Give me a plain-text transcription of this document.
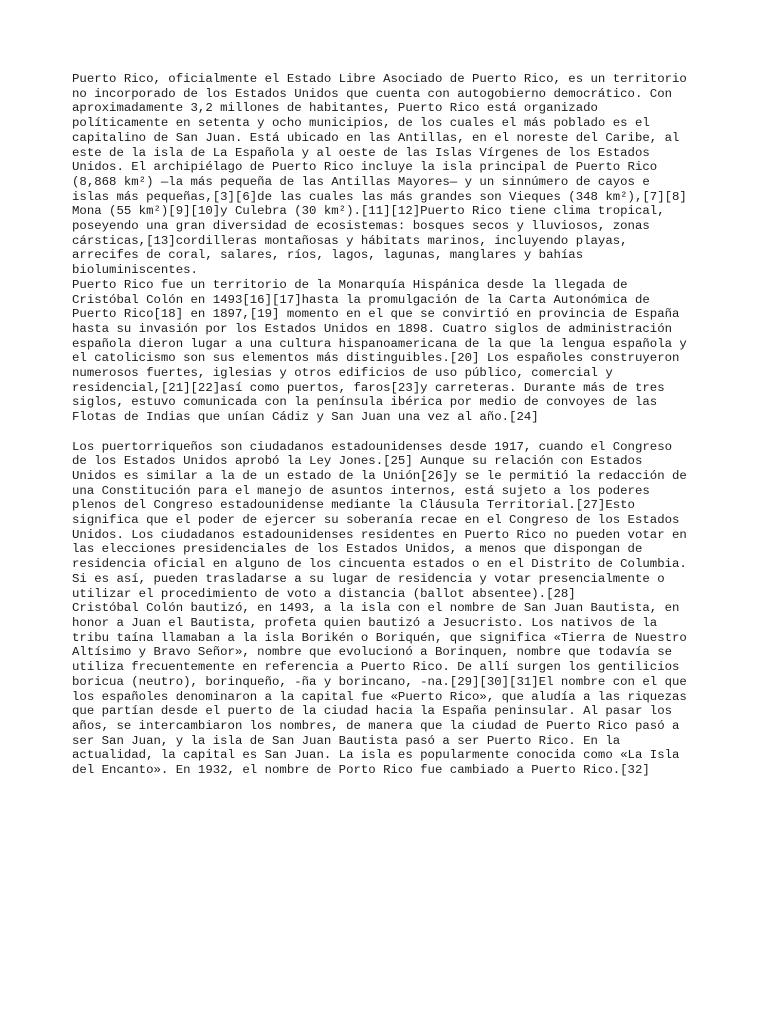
Puerto Rico, oficialmente el Estado Libre Asociado de Puerto Rico, es un territorio
no incorporado de los Estados Unidos que cuenta con autogobierno democrático. Con
aproximadamente 3,2 millones de habitantes, Puerto Rico está organizado
políticamente en setenta y ocho municipios, de los cuales el más poblado es el
capitalino de San Juan. Está ubicado en las Antillas, en el noreste del Caribe, al
este de la isla de La Española y al oeste de las Islas Vírgenes de los Estados
Unidos. El archipiélago de Puerto Rico incluye la isla principal de Puerto Rico
(8,868 km²) —la más pequeña de las Antillas Mayores— y un sinnúmero de cayos e
islas más pequeñas,[3][6]de las cuales las más grandes son Vieques (348 km²),[7][8]
Mona (55 km²)[9][10]y Culebra (30 km²).[11][12]Puerto Rico tiene clima tropical,
poseyendo una gran diversidad de ecosistemas: bosques secos y lluviosos, zonas
cársticas,[13]cordilleras montañosas y hábitats marinos, incluyendo playas,
arrecifes de coral, salares, ríos, lagos, lagunas, manglares y bahías
bioluminiscentes.
Puerto Rico fue un territorio de la Monarquía Hispánica desde la llegada de
Cristóbal Colón en 1493[16][17]hasta la promulgación de la Carta Autonómica de
Puerto Rico[18] en 1897,[19] momento en el que se convirtió en provincia de España
hasta su invasión por los Estados Unidos en 1898. Cuatro siglos de administración
española dieron lugar a una cultura hispanoamericana de la que la lengua española y
el catolicismo son sus elementos más distinguibles.[20] Los españoles construyeron
numerosos fuertes, iglesias y otros edificios de uso público, comercial y
residencial,[21][22]así como puertos, faros[23]y carreteras. Durante más de tres
siglos, estuvo comunicada con la península ibérica por medio de convoyes de las
Flotas de Indias que unían Cádiz y San Juan una vez al año.[24]
Los puertorriqueños son ciudadanos estadounidenses desde 1917, cuando el Congreso
de los Estados Unidos aprobó la Ley Jones.[25] Aunque su relación con Estados
Unidos es similar a la de un estado de la Unión[26]y se le permitió la redacción de
una Constitución para el manejo de asuntos internos, está sujeto a los poderes
plenos del Congreso estadounidense mediante la Cláusula Territorial.[27]Esto
significa que el poder de ejercer su soberanía recae en el Congreso de los Estados
Unidos. Los ciudadanos estadounidenses residentes en Puerto Rico no pueden votar en
las elecciones presidenciales de los Estados Unidos, a menos que dispongan de
residencia oficial en alguno de los cincuenta estados o en el Distrito de Columbia.
Si es así, pueden trasladarse a su lugar de residencia y votar presencialmente o
utilizar el procedimiento de voto a distancia (ballot absentee).[28]
Cristóbal Colón bautizó, en 1493, a la isla con el nombre de San Juan Bautista, en
honor a Juan el Bautista, profeta quien bautizó a Jesucristo. Los nativos de la
tribu taína llamaban a la isla Borikén o Boriquén, que significa «Tierra de Nuestro
Altísimo y Bravo Señor», nombre que evolucionó a Borinquen, nombre que todavía se
utiliza frecuentemente en referencia a Puerto Rico. De allí surgen los gentilicios
boricua (neutro), borinqueño, -ña y borincano, -na.[29][30][31]El nombre con el que
los españoles denominaron a la capital fue «Puerto Rico», que aludía a las riquezas
que partían desde el puerto de la ciudad hacia la España peninsular. Al pasar los
años, se intercambiaron los nombres, de manera que la ciudad de Puerto Rico pasó a
ser San Juan, y la isla de San Juan Bautista pasó a ser Puerto Rico. En la
actualidad, la capital es San Juan. La isla es popularmente conocida como «La Isla
del Encanto». En 1932, el nombre de Porto Rico fue cambiado a Puerto Rico.[32]
